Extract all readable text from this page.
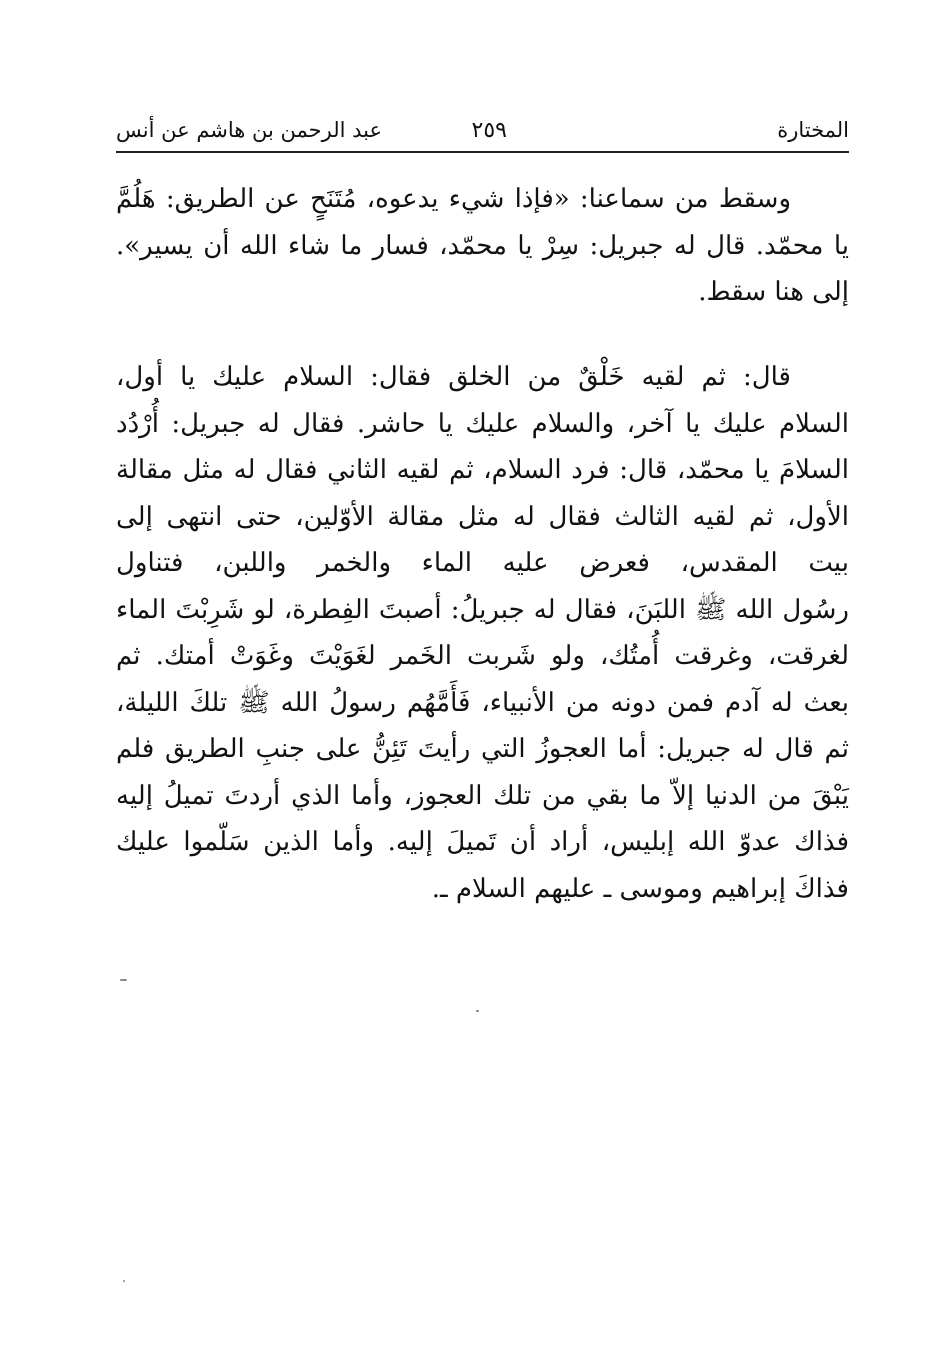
المختارة
٢٥٩
عبد الرحمن بن هاشم عن أنس
وسقط من سماعنا: «فإذا شيء يدعوه، مُتَنَحٍ عن الطريق: هَلُمَّ
يا محمّد. قال له جبريل: سِرْ يا محمّد، فسار ما شاء الله أن يسير».
إلى هنا سقط.
قال: ثم لقيه خَلْقٌ من الخلق فقال: السلام عليك يا أول،
السلام عليك يا آخر، والسلام عليك يا حاشر. فقال له جبريل: أُرْدُد
السلامَ يا محمّد، قال: فرد السلام، ثم لقيه الثاني فقال له مثل مقالة
الأول، ثم لقيه الثالث فقال له مثل مقالة الأوّلين، حتى انتهى إلى
بيت المقدس، فعرض عليه الماء والخمر واللبن، فتناول
رسُول الله ﷺ اللبَنَ، فقال له جبريلُ: أصبتَ الفِطرة، لو شَرِبْتَ الماء
لغرقت، وغرقت أُمتُك، ولو شَربت الخَمر لغَوَيْتَ وغَوَتْ أمتك. ثم
بعث له آدم فمن دونه من الأنبياء، فَأَمَّهُم رسولُ الله ﷺ تلكَ الليلة،
ثم قال له جبريل: أما العجوزُ التي رأيتَ تَئِنُّ على جنبِ الطريق فلم
يَبْقَ من الدنيا إلاّ ما بقي من تلك العجوز، وأما الذي أردتَ تميلُ إليه
فذاك عدوّ الله إبليس، أراد أن تَميلَ إليه. وأما الذين سَلّموا عليك
فذاكَ إبراهيم وموسى ـ عليهم السلام ـ.
